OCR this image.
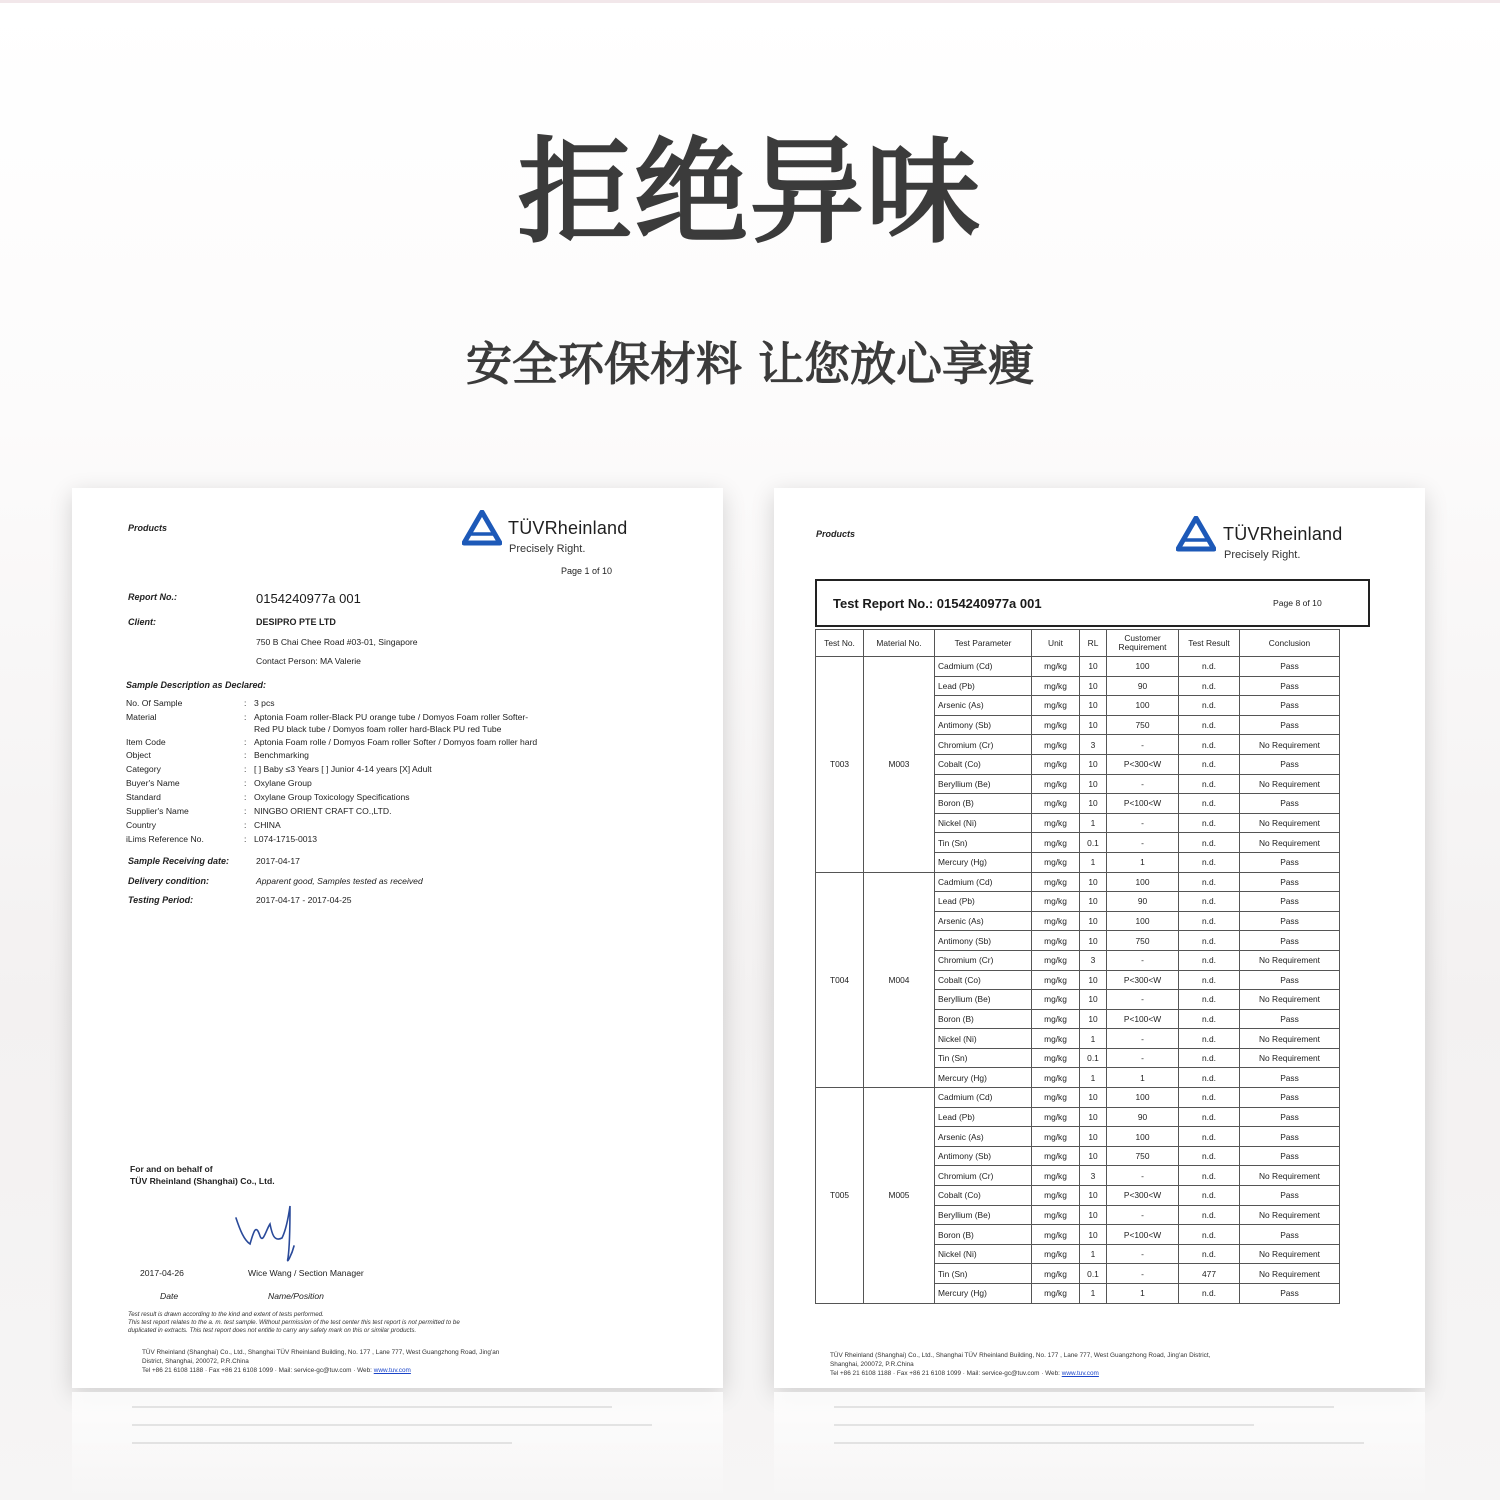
拒绝异味
安全环保材料 让您放心享瘦
Products	TÜVRheinland
Precisely Right.
Page 1 of 10
Report No.:	0154240977a 001
Client:	DESIPRO PTE LTD
750 B Chai Chee Road #03-01, Singapore
Contact Person: MA Valerie
Sample Description as Declared:
No. Of Sample	: 3 pcs
Material	: Aptonia Foam roller-Black PU orange tube / Domyos Foam roller Softer-
Red PU black tube / Domyos foam roller hard-Black PU red Tube
Item Code	: Aptonia Foam rolle / Domyos Foam roller Softer / Domyos foam roller hard
Object	: Benchmarking
Category	: [ ] Baby ≤3 Years [ ] Junior 4-14 years [X] Adult
Buyer's Name	: Oxylane Group
Standard	: Oxylane Group Toxicology Specifications
Supplier's Name	: NINGBO ORIENT CRAFT CO.,LTD.
Country	: CHINA
iLims Reference No.	: L074-1715-0013
Sample Receiving date:	2017-04-17
Delivery condition:	Apparent good, Samples tested as received
Testing Period:	2017-04-17 - 2017-04-25
For and on behalf of
TÜV Rheinland (Shanghai) Co., Ltd.
2017-04-26	Wice Wang / Section Manager
Date	Name/Position
Test result is drawn according to the kind and extent of tests performed.
This test report relates to the a. m. test sample. Without permission of the test center this test report is not permitted to be
duplicated in extracts. This test report does not entitle to carry any safety mark on this or similar products.
TÜV Rheinland (Shanghai) Co., Ltd., Shanghai TÜV Rheinland Building, No. 177 , Lane 777, West Guangzhong Road, Jing'an
District, Shanghai, 200072, P.R.China
Tel +86 21 6108 1188 · Fax +86 21 6108 1099 · Mail: service-gc@tuv.com · Web: www.tuv.com
Products	TÜVRheinland
Precisely Right.
Test Report No.: 0154240977a 001	Page 8 of 10
Test No.	Material No.	Test Parameter	Unit	RL	Customer Requirement	Test Result	Conclusion
T003	M003	Cadmium (Cd)	mg/kg	10	100	n.d.	Pass
		Lead (Pb)	mg/kg	10	90	n.d.	Pass
		Arsenic (As)	mg/kg	10	100	n.d.	Pass
		Antimony (Sb)	mg/kg	10	750	n.d.	Pass
		Chromium (Cr)	mg/kg	3	-	n.d.	No Requirement
		Cobalt (Co)	mg/kg	10	P<300<W	n.d.	Pass
		Beryllium (Be)	mg/kg	10	-	n.d.	No Requirement
		Boron (B)	mg/kg	10	P<100<W	n.d.	Pass
		Nickel (Ni)	mg/kg	1	-	n.d.	No Requirement
		Tin (Sn)	mg/kg	0.1	-	n.d.	No Requirement
		Mercury (Hg)	mg/kg	1	1	n.d.	Pass
T004	M004	Cadmium (Cd)	mg/kg	10	100	n.d.	Pass
		Lead (Pb)	mg/kg	10	90	n.d.	Pass
		Arsenic (As)	mg/kg	10	100	n.d.	Pass
		Antimony (Sb)	mg/kg	10	750	n.d.	Pass
		Chromium (Cr)	mg/kg	3	-	n.d.	No Requirement
		Cobalt (Co)	mg/kg	10	P<300<W	n.d.	Pass
		Beryllium (Be)	mg/kg	10	-	n.d.	No Requirement
		Boron (B)	mg/kg	10	P<100<W	n.d.	Pass
		Nickel (Ni)	mg/kg	1	-	n.d.	No Requirement
		Tin (Sn)	mg/kg	0.1	-	n.d.	No Requirement
		Mercury (Hg)	mg/kg	1	1	n.d.	Pass
T005	M005	Cadmium (Cd)	mg/kg	10	100	n.d.	Pass
		Lead (Pb)	mg/kg	10	90	n.d.	Pass
		Arsenic (As)	mg/kg	10	100	n.d.	Pass
		Antimony (Sb)	mg/kg	10	750	n.d.	Pass
		Chromium (Cr)	mg/kg	3	-	n.d.	No Requirement
		Cobalt (Co)	mg/kg	10	P<300<W	n.d.	Pass
		Beryllium (Be)	mg/kg	10	-	n.d.	No Requirement
		Boron (B)	mg/kg	10	P<100<W	n.d.	Pass
		Nickel (Ni)	mg/kg	1	-	n.d.	No Requirement
		Tin (Sn)	mg/kg	0.1	-	477	No Requirement
		Mercury (Hg)	mg/kg	1	1	n.d.	Pass
TÜV Rheinland (Shanghai) Co., Ltd., Shanghai TÜV Rheinland Building, No. 177 , Lane 777, West Guangzhong Road, Jing'an District,
Shanghai, 200072, P.R.China
Tel +86 21 6108 1188 · Fax +86 21 6108 1099 · Mail: service-gc@tuv.com · Web: www.tuv.com
